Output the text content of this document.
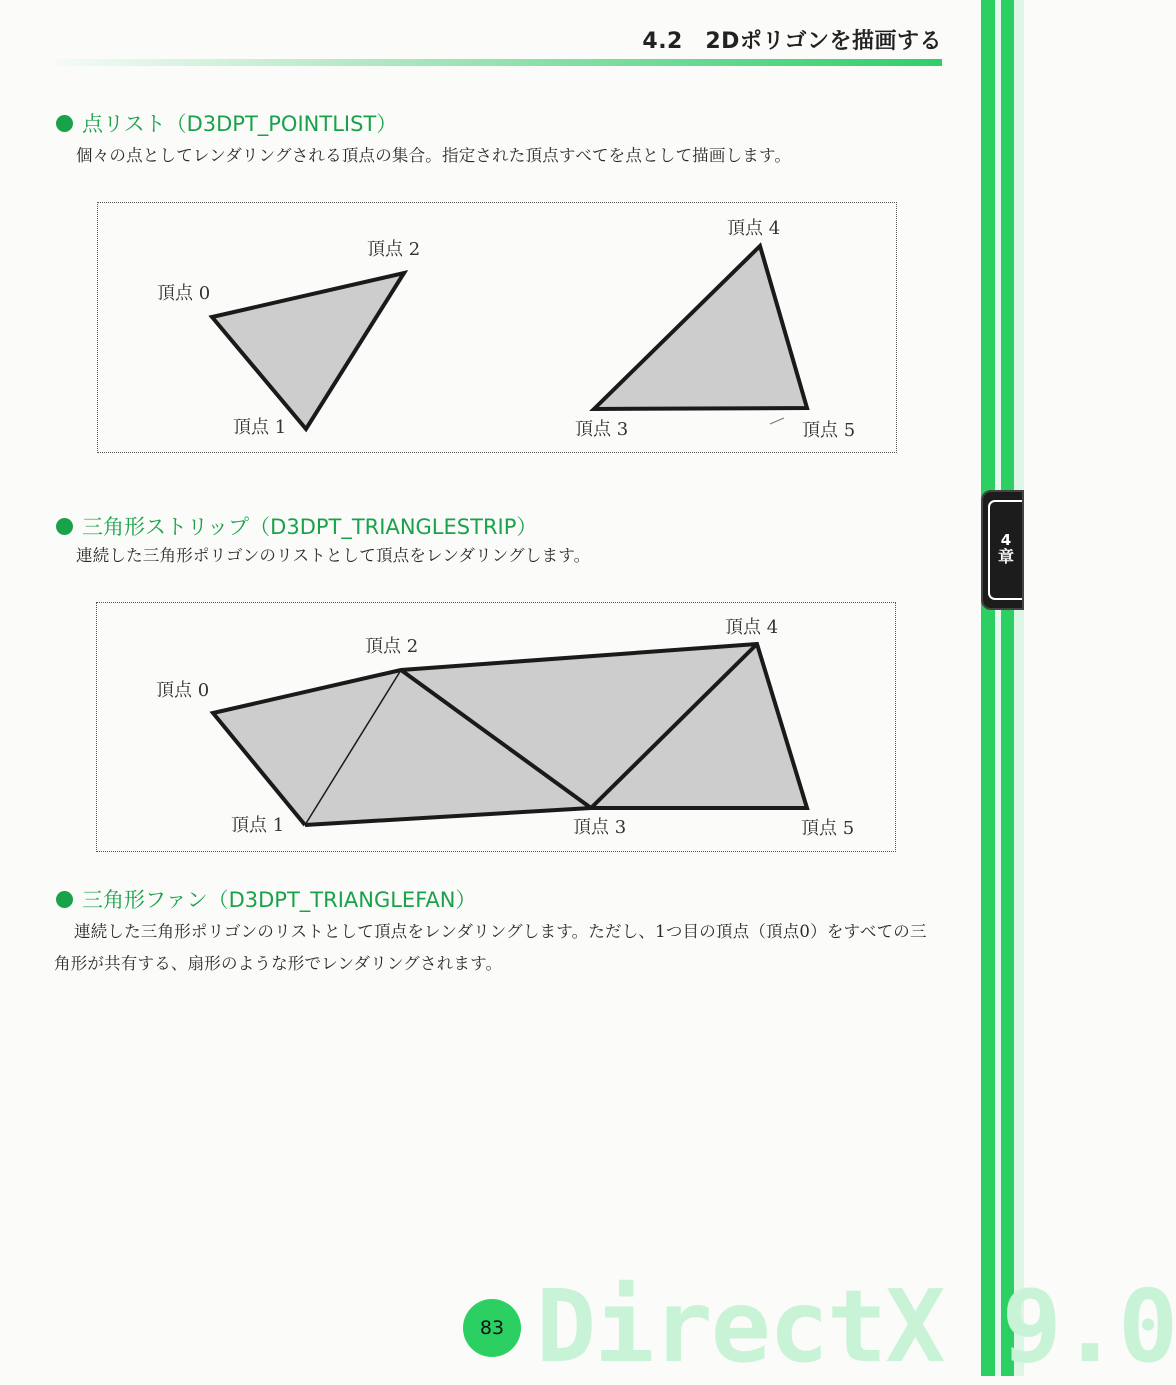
4
章
4.2　2Dポリゴンを描画する
点リスト（D3DPT_POINTLIST）
個々の点としてレンダリングされる頂点の集合。指定された頂点すべてを点として描画します。
頂点 0
頂点 1
頂点 2
頂点 3
頂点 4
頂点 5
三角形ストリップ（D3DPT_TRIANGLESTRIP）
連続した三角形ポリゴンのリストとして頂点をレンダリングします。
頂点 0
頂点 1
頂点 2
頂点 3
頂点 4
頂点 5
三角形ファン（D3DPT_TRIANGLEFAN）
連続した三角形ポリゴンのリストとして頂点をレンダリングします。ただし、1つ目の頂点（頂点0）をすべての三角形が共有する、扇形のような形でレンダリングされます。
83 DirectX 9.0
